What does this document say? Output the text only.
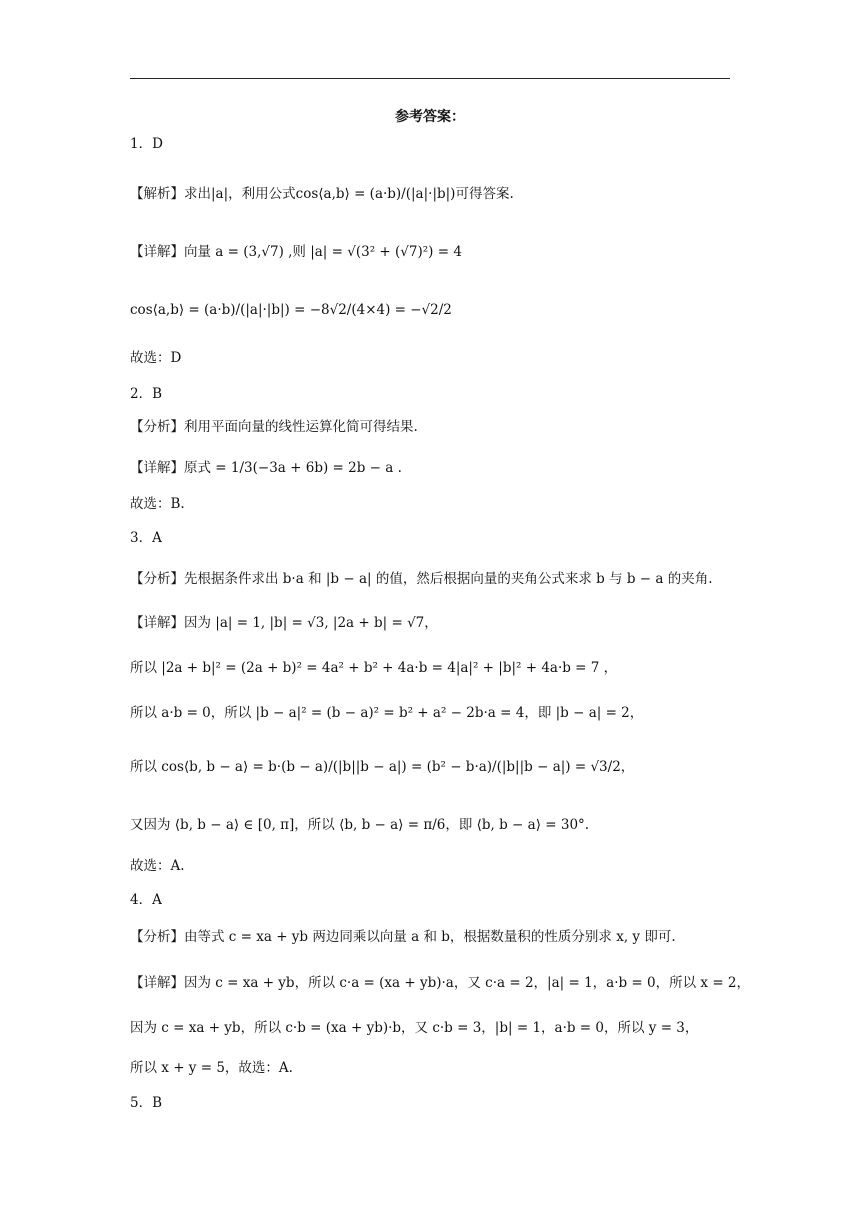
参考答案：
1．D
【解析】求出|a|，利用公式cos⟨a,b⟩ = (a·b)/(|a|·|b|)可得答案.
【详解】向量 a = (3,√7) ,则 |a| = √(3² + (√7)²) = 4
cos⟨a,b⟩ = (a·b)/(|a|·|b|) = −8√2/(4×4) = −√2/2
故选：D
2．B
【分析】利用平面向量的线性运算化简可得结果.
【详解】原式 = 1/3(−3a + 6b) = 2b − a .
故选：B.
3．A
【分析】先根据条件求出 b·a 和 |b − a| 的值，然后根据向量的夹角公式来求 b 与 b − a 的夹角.
【详解】因为 |a| = 1, |b| = √3, |2a + b| = √7，
所以 |2a + b|² = (2a + b)² = 4a² + b² + 4a·b = 4|a|² + |b|² + 4a·b = 7 ，
所以 a·b = 0，所以 |b − a|² = (b − a)² = b² + a² − 2b·a = 4，即 |b − a| = 2，
所以 cos⟨b, b − a⟩ = b·(b − a)/(|b||b − a|) = (b² − b·a)/(|b||b − a|) = √3/2，
又因为 ⟨b, b − a⟩ ∈ [0, π]，所以 ⟨b, b − a⟩ = π/6，即 ⟨b, b − a⟩ = 30°.
故选：A.
4．A
【分析】由等式 c = xa + yb 两边同乘以向量 a 和 b，根据数量积的性质分别求 x, y 即可.
【详解】因为 c = xa + yb，所以 c·a = (xa + yb)·a，又 c·a = 2，|a| = 1，a·b = 0，所以 x = 2，
因为 c = xa + yb，所以 c·b = (xa + yb)·b，又 c·b = 3，|b| = 1，a·b = 0，所以 y = 3，
所以 x + y = 5，故选：A.
5．B
